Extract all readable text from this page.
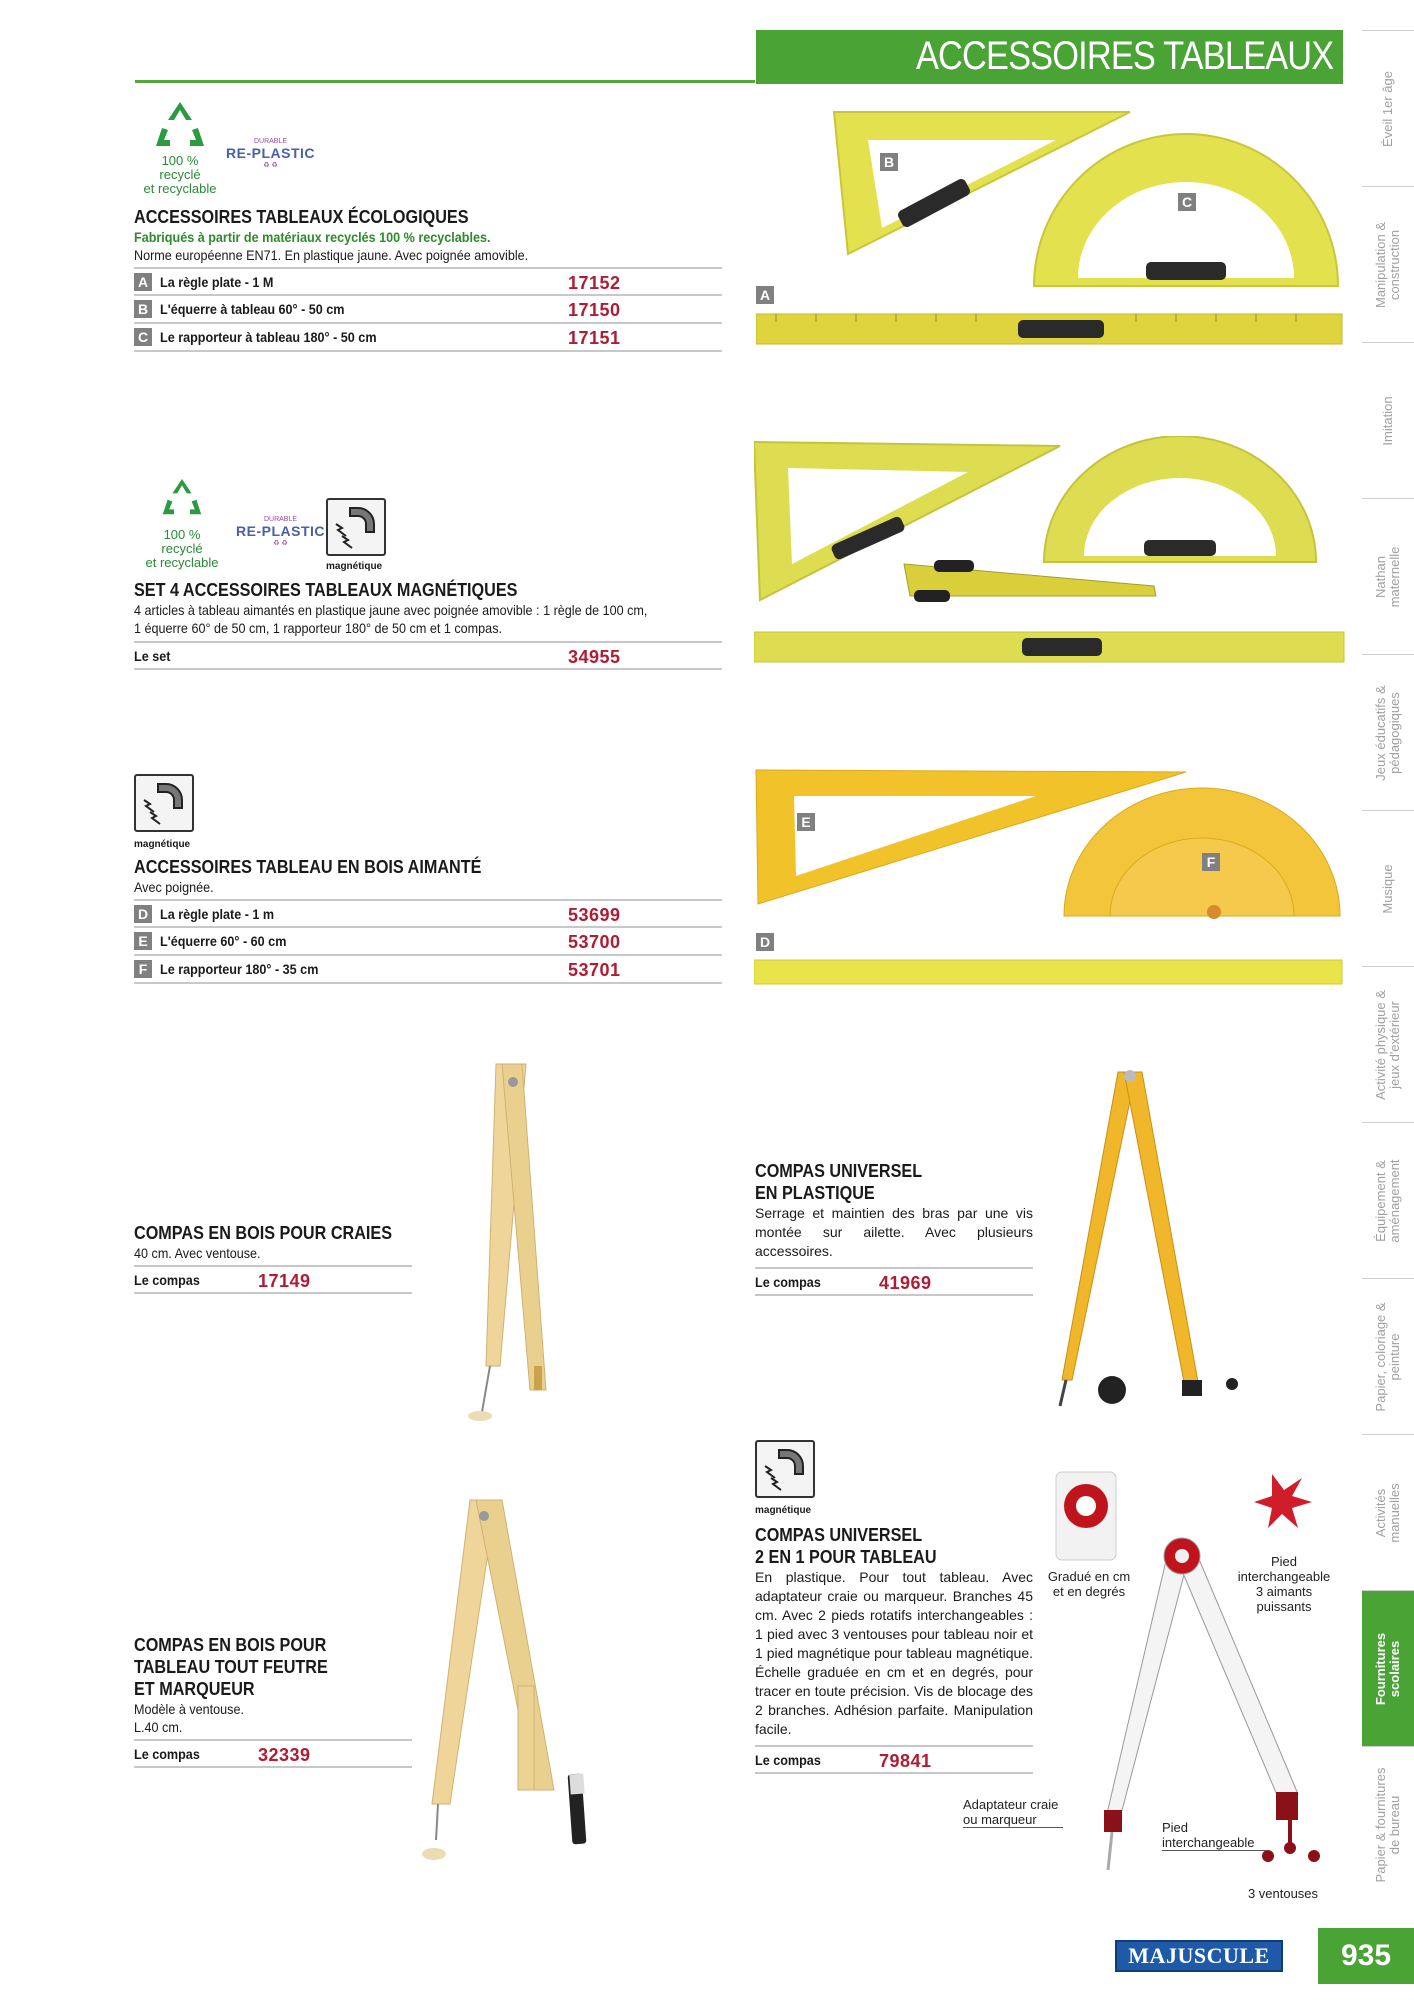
ACCESSOIRES TABLEAUX
100 %
recyclé
et recyclable
DURABLE
RE-PLASTIC
♻ ♻
ACCESSOIRES TABLEAUX ÉCOLOGIQUES
Fabriqués à partir de matériaux recyclés 100 % recyclables.
Norme européenne EN71. En plastique jaune. Avec poignée amovible.
A La règle plate - 1 M	17152
B L'équerre à tableau 60° - 50 cm	17150
C Le rapporteur à tableau 180° - 50 cm	17151
B
C
A
100 %
recyclé
et recyclable
DURABLE
RE-PLASTIC
♻ ♻
magnétique
SET 4 ACCESSOIRES TABLEAUX MAGNÉTIQUES
4 articles à tableau aimantés en plastique jaune avec poignée amovible : 1 règle de 100 cm,
1 équerre 60° de 50 cm, 1 rapporteur 180° de 50 cm et 1 compas.
Le set	34955
magnétique
ACCESSOIRES TABLEAU EN BOIS AIMANTÉ
Avec poignée.
D La règle plate - 1 m	53699
E L'équerre 60° - 60 cm	53700
F Le rapporteur 180° - 35 cm	53701
E
F
D
COMPAS EN BOIS POUR CRAIES
40 cm. Avec ventouse.
Le compas	17149
COMPAS UNIVERSEL
EN PLASTIQUE
Serrage et maintien des bras par une vis montée sur ailette. Avec plusieurs accessoires.
Le compas	41969
COMPAS EN BOIS POUR
TABLEAU TOUT FEUTRE
ET MARQUEUR
Modèle à ventouse.
L.40 cm.
Le compas	32339
magnétique
COMPAS UNIVERSEL
2 EN 1 POUR TABLEAU
En plastique. Pour tout tableau. Avec adaptateur craie ou marqueur. Branches 45 cm. Avec 2 pieds rotatifs interchangeables : 1 pied avec 3 ventouses pour tableau noir et 1 pied magnétique pour tableau magnétique. Échelle graduée en cm et en degrés, pour tracer en toute précision. Vis de blocage des 2 branches. Adhésion parfaite. Manipulation facile.
Le compas	79841
Gradué en cm et en degrés
Pied interchangeable 3 aimants puissants
Adaptateur craie ou marqueur
Pied interchangeable
3 ventouses
Éveil 1er âge
Manipulation & construction
Imitation
Nathan maternelle
Jeux éducatifs & pédagogiques
Musique
Activité physique & jeux d'extérieur
Équipement & aménagement
Papier, coloriage & peinture
Activités manuelles
Fournitures scolaires
Papier & fournitures de bureau
MAJUSCULE	935
